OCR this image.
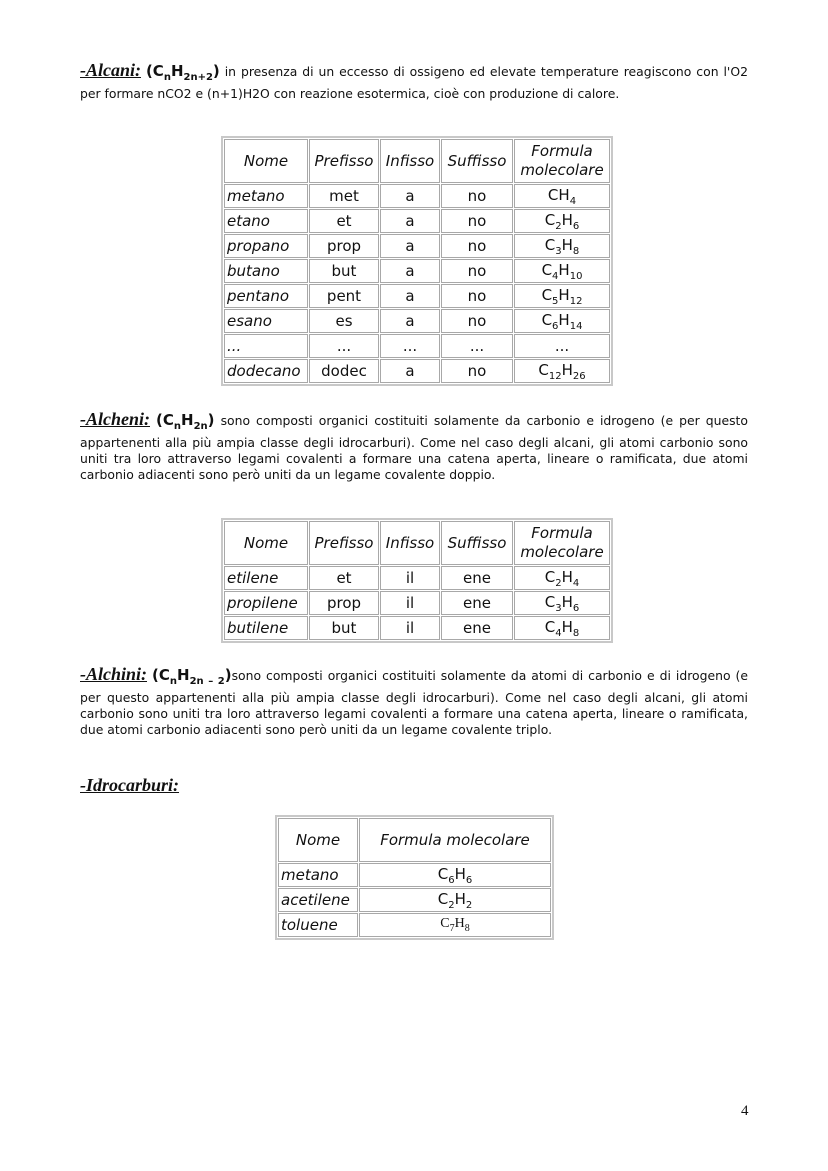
-Alcani: $(C_nH_{2n+2})$ in presenza di un eccesso di ossigeno ed elevate temperature reagiscono con l'O2 per formare nCO2 e (n+1)H2O con reazione esotermica, cioè con produzione di calore.
Nome	Prefisso	Infisso	Suffisso	Formula molecolare
metano	met	a	no	$CH_4$
etano	et	a	no	$C_2H_6$
propano	prop	a	no	$C_3H_8$
butano	but	a	no	$C_4H_{10}$
pentano	pent	a	no	$C_5H_{12}$
esano	es	a	no	$C_6H_{14}$
...	...	...	...	...
dodecano	dodec	a	no	$C_{12}H_{26}$
-Alcheni: $(C_nH_{2n})$ sono composti organici costituiti solamente da carbonio e idrogeno (e per questo appartenenti alla più ampia classe degli idrocarburi). Come nel caso degli alcani, gli atomi carbonio sono uniti tra loro attraverso legami covalenti a formare una catena aperta, lineare o ramificata, due atomi carbonio adiacenti sono però uniti da un legame covalente doppio.
Nome	Prefisso	Infisso	Suffisso	Formula molecolare
etilene	et	il	ene	$C_2H_4$
propilene	prop	il	ene	$C_3H_6$
butilene	but	il	ene	$C_4H_8$
-Alchini: $(C_nH_{2n - 2})sono$ composti organici costituiti solamente da atomi di carbonio e di idrogeno (e per questo appartenenti alla più ampia classe degli idrocarburi). Come nel caso degli alcani, gli atomi carbonio sono uniti tra loro attraverso legami covalenti a formare una catena aperta, lineare o ramificata, due atomi carbonio adiacenti sono però uniti da un legame covalente triplo.
-Idrocarburi:
Nome	Formula molecolare
metano	$C_6H_6$
acetilene	$C_2H_2$
toluene	$C_7H_8$
4
